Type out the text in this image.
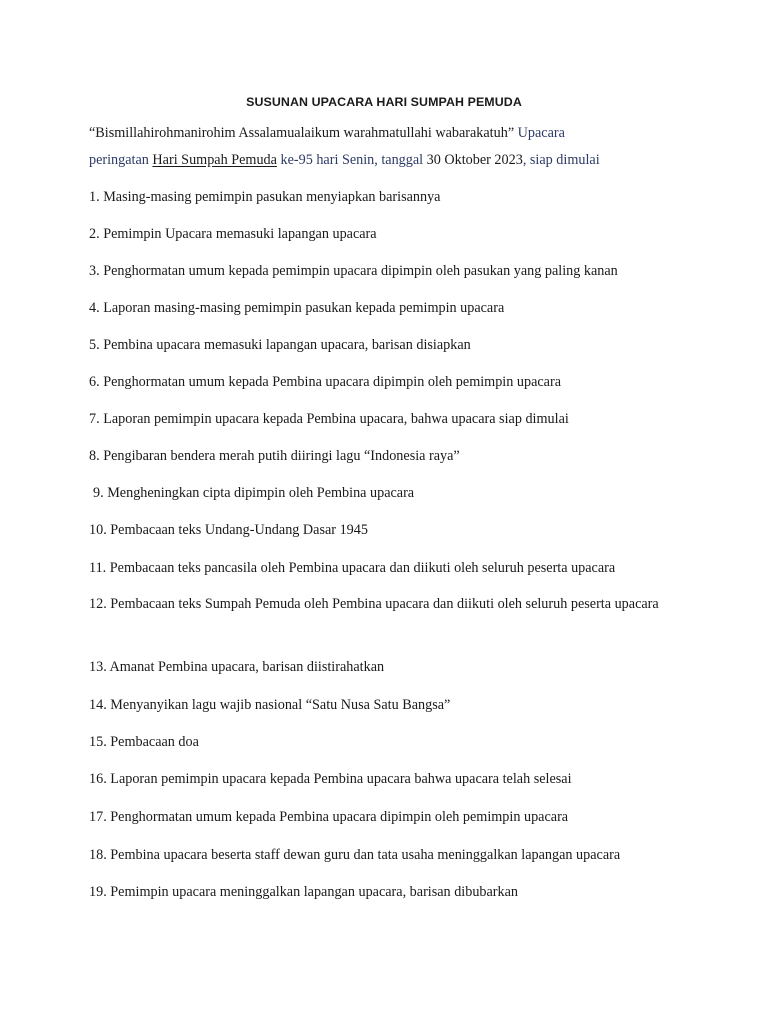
SUSUNAN UPACARA HARI SUMPAH PEMUDA
“Bismillahirohmanirohim Assalamualaikum warahmatullahi wabarakatuh” Upacara
peringatan Hari Sumpah Pemuda ke-95 hari Senin, tanggal 30 Oktober 2023, siap dimulai
1. Masing-masing pemimpin pasukan menyiapkan barisannya
2. Pemimpin Upacara memasuki lapangan upacara
3. Penghormatan umum kepada pemimpin upacara dipimpin oleh pasukan yang paling kanan
4. Laporan masing-masing pemimpin pasukan kepada pemimpin upacara
5. Pembina upacara memasuki lapangan upacara, barisan disiapkan
6. Penghormatan umum kepada Pembina upacara dipimpin oleh pemimpin upacara
7. Laporan pemimpin upacara kepada Pembina upacara, bahwa upacara siap dimulai
8. Pengibaran bendera merah putih diiringi lagu “Indonesia raya”
9. Mengheningkan cipta dipimpin oleh Pembina upacara
10. Pembacaan teks Undang-Undang Dasar 1945
11. Pembacaan teks pancasila oleh Pembina upacara dan diikuti oleh seluruh peserta upacara
12. Pembacaan teks Sumpah Pemuda oleh Pembina upacara dan diikuti oleh seluruh peserta upacara
13. Amanat Pembina upacara, barisan diistirahatkan
14. Menyanyikan lagu wajib nasional “Satu Nusa Satu Bangsa”
15. Pembacaan doa
16. Laporan pemimpin upacara kepada Pembina upacara bahwa upacara telah selesai
17. Penghormatan umum kepada Pembina upacara dipimpin oleh pemimpin upacara
18. Pembina upacara beserta staff dewan guru dan tata usaha meninggalkan lapangan upacara
19. Pemimpin upacara meninggalkan lapangan upacara, barisan dibubarkan
